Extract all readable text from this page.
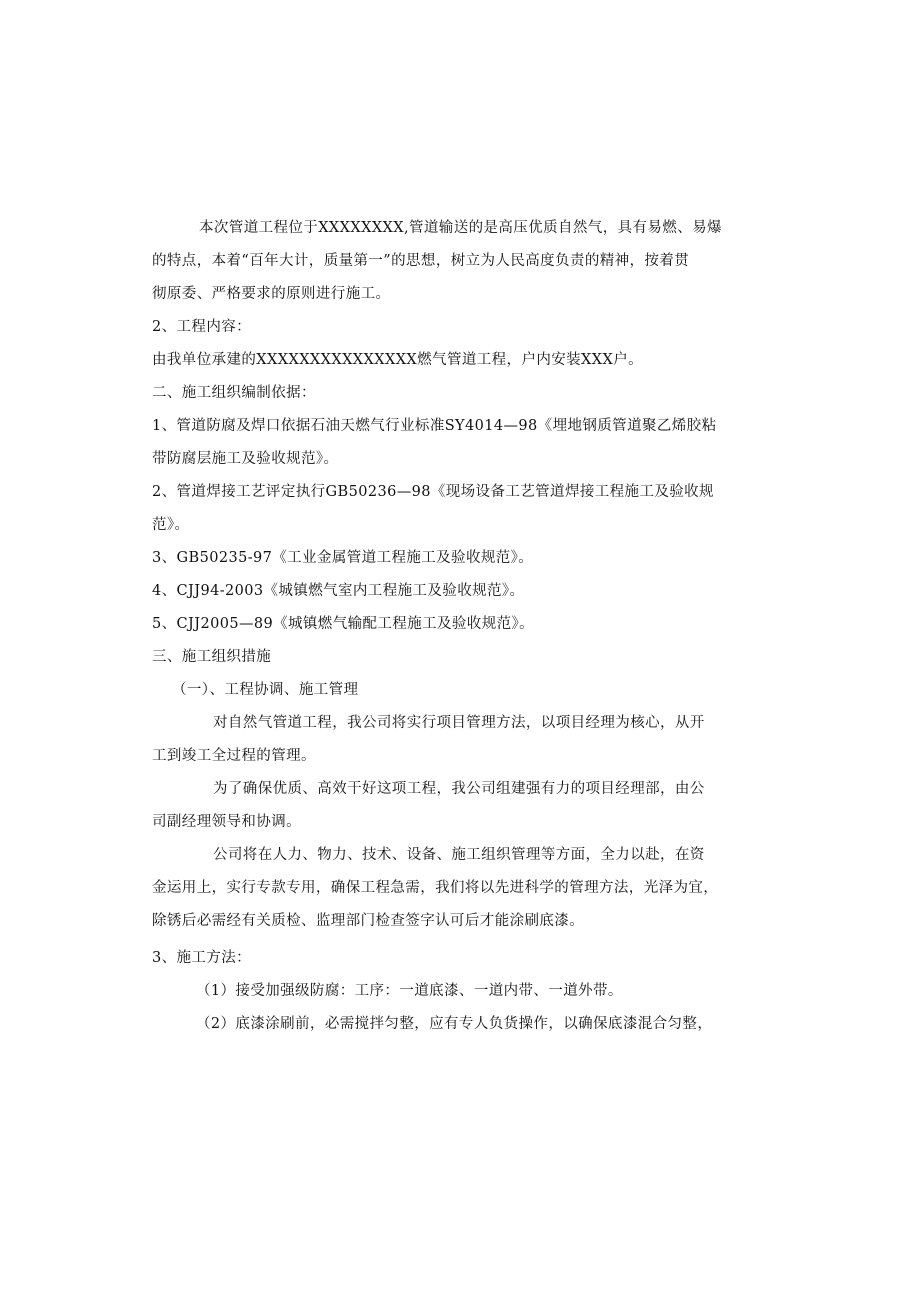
本次管道工程位于XXXXXXXX,管道输送的是高压优质自然气，具有易燃、易爆
的特点，本着“百年大计，质量第一”的思想，树立为人民高度负责的精神，按着贯
彻原委、严格要求的原则进行施工。
2、工程内容：
由我单位承建的XXXXXXXXXXXXXXX燃气管道工程，户内安装XXX户。
二、施工组织编制依据：
1、管道防腐及焊口依据石油天燃气行业标准SY4014—98《埋地钢质管道聚乙烯胶粘
带防腐层施工及验收规范》。
2、管道焊接工艺评定执行GB50236—98《现场设备工艺管道焊接工程施工及验收规
范》。
3、GB50235-97《工业金属管道工程施工及验收规范》。
4、CJJ94-2003《城镇燃气室内工程施工及验收规范》。
5、CJJ2005—89《城镇燃气输配工程施工及验收规范》。
三、施工组织措施
（一）、工程协调、施工管理
对自然气管道工程，我公司将实行项目管理方法，以项目经理为核心，从开
工到竣工全过程的管理。
为了确保优质、高效干好这项工程，我公司组建强有力的项目经理部，由公
司副经理领导和协调。
公司将在人力、物力、技术、设备、施工组织管理等方面，全力以赴，在资
金运用上，实行专款专用，确保工程急需，我们将以先进科学的管理方法，光泽为宜，
除锈后必需经有关质检、监理部门检查签字认可后才能涂刷底漆。
3、施工方法：
（1）接受加强级防腐：工序：一道底漆、一道内带、一道外带。
（2）底漆涂刷前，必需搅拌匀整，应有专人负货操作，以确保底漆混合匀整，
